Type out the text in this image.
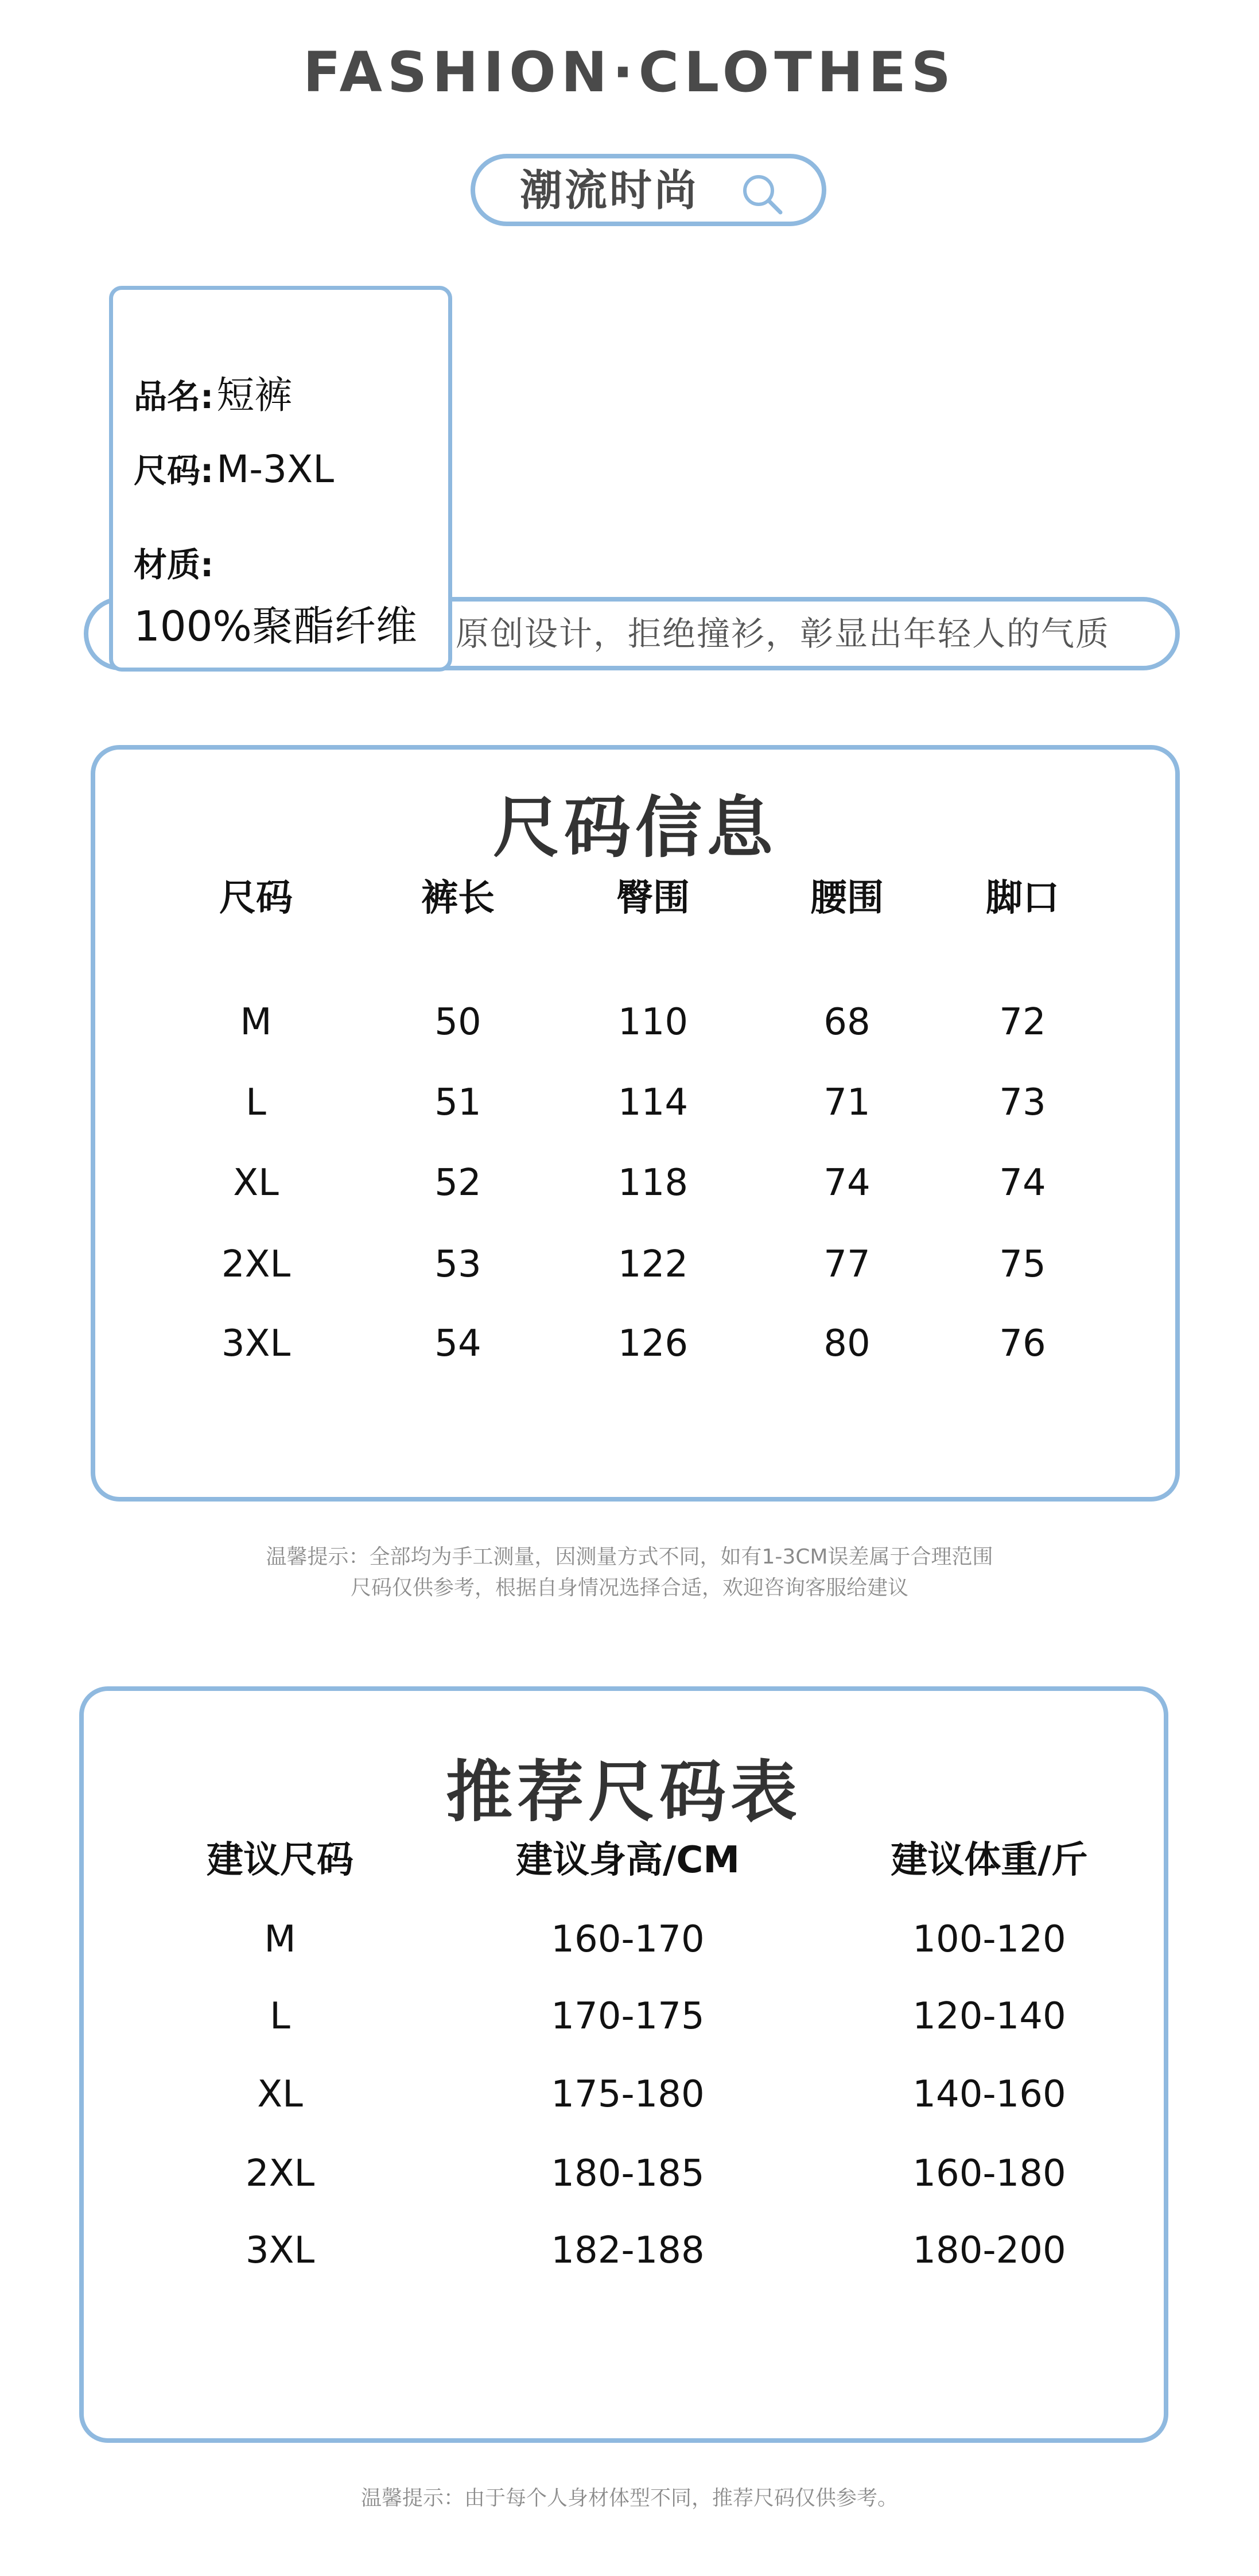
FASHION·CLOTHES
潮流时尚
原创设计，拒绝撞衫，彰显出年轻人的气质
品名: 短裤
尺码: M-3XL
材质:
100%聚酯纤维
尺码信息
尺码	裤长	臀围	腰围	脚口
M	50	110	68	72
L	51	114	71	73
XL	52	118	74	74
2XL	53	122	77	75
3XL	54	126	80	76
温馨提示：全部均为手工测量，因测量方式不同，如有1-3CM误差属于合理范围
尺码仅供参考，根据自身情况选择合适，欢迎咨询客服给建议
推荐尺码表
建议尺码	建议身高/CM	建议体重/斤
M	160-170	100-120
L	170-175	120-140
XL	175-180	140-160
2XL	180-185	160-180
3XL	182-188	180-200
温馨提示：由于每个人身材体型不同，推荐尺码仅供参考。
